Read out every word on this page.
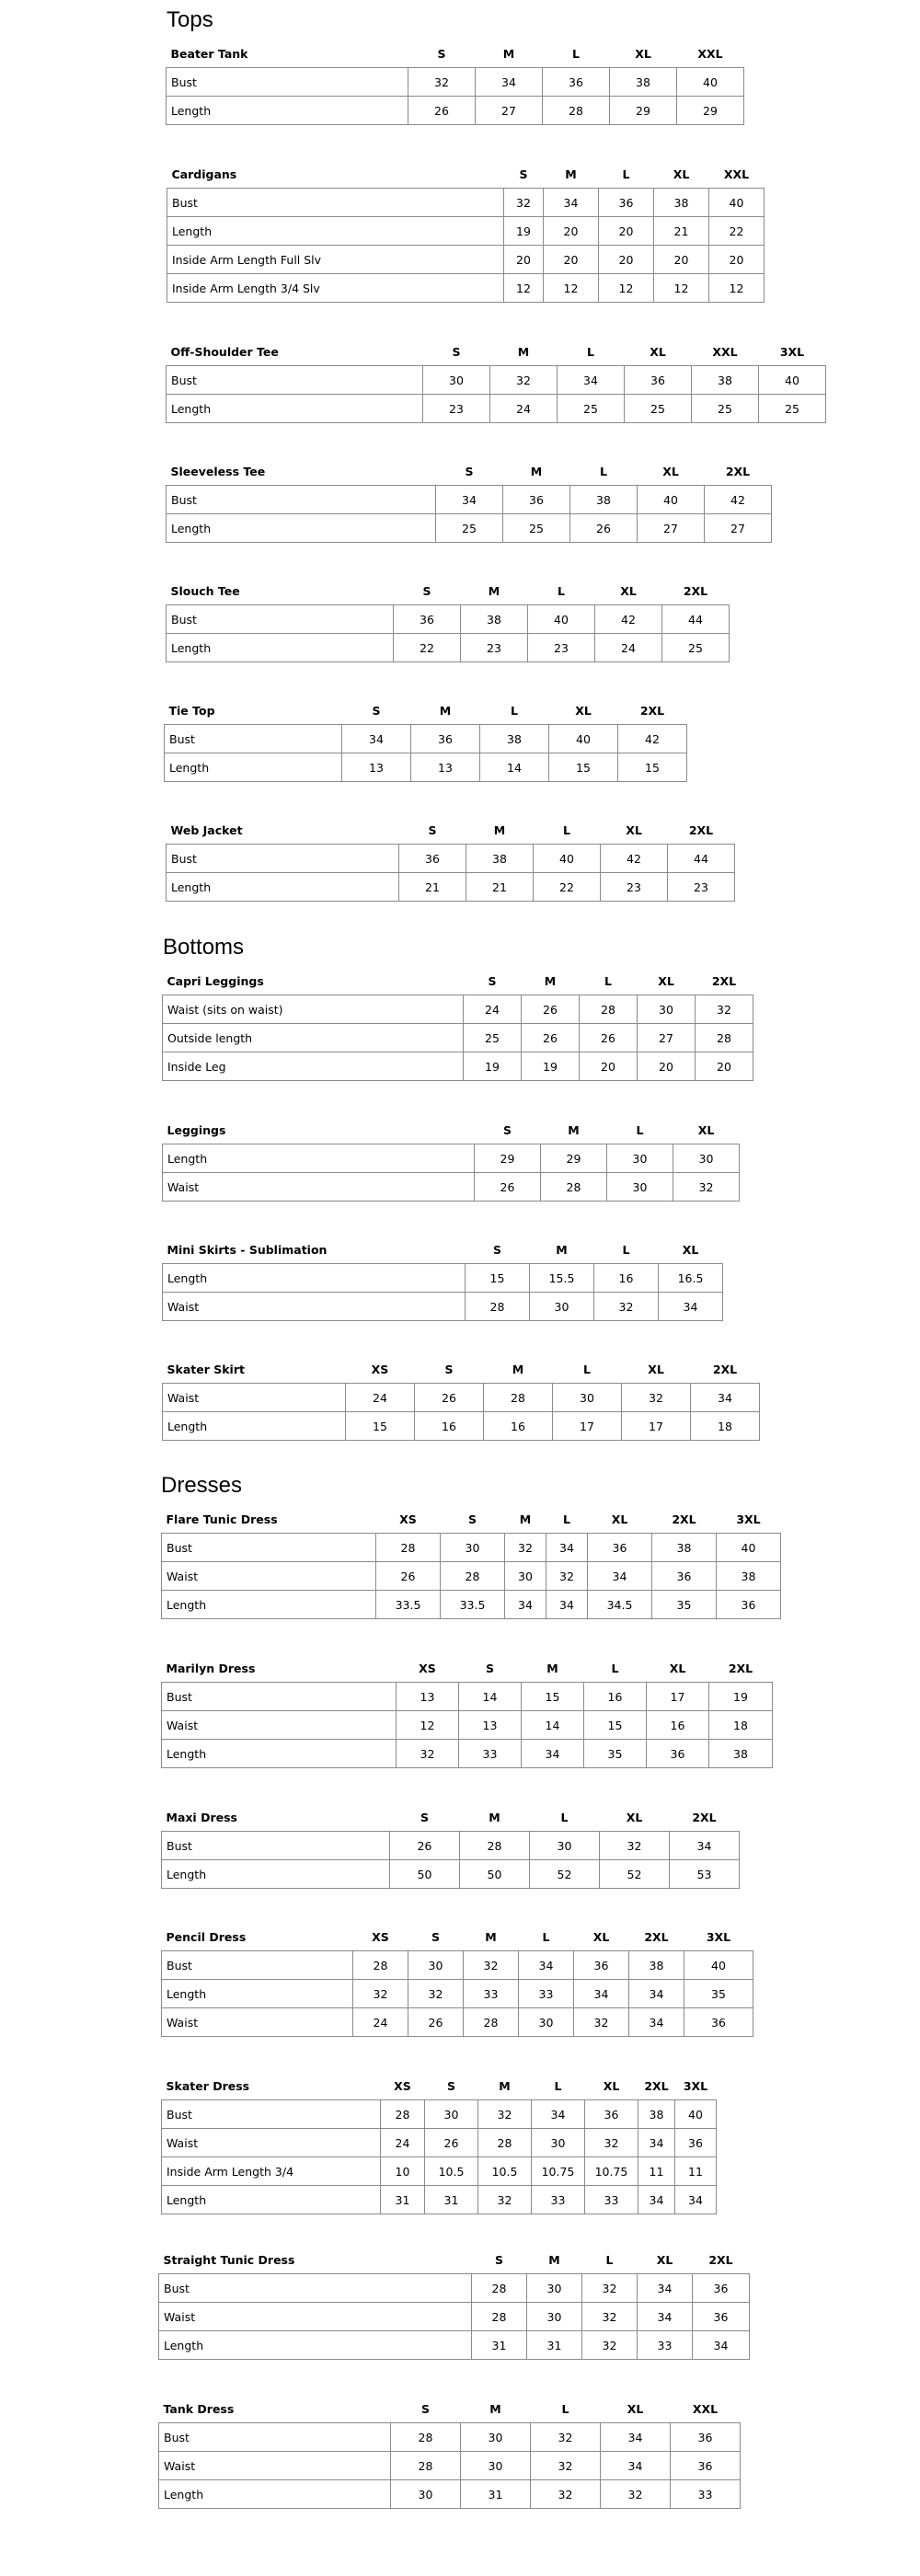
Tops
Beater Tank	S	M	L	XL	XXL
Bust	32	34	36	38	40
Length	26	27	28	29	29
Cardigans	S	M	L	XL	XXL
Bust	32	34	36	38	40
Length	19	20	20	21	22
Inside Arm Length Full Slv	20	20	20	20	20
Inside Arm Length 3/4 Slv	12	12	12	12	12
Off-Shoulder Tee	S	M	L	XL	XXL	3XL
Bust	30	32	34	36	38	40
Length	23	24	25	25	25	25
Sleeveless Tee	S	M	L	XL	2XL
Bust	34	36	38	40	42
Length	25	25	26	27	27
Slouch Tee	S	M	L	XL	2XL
Bust	36	38	40	42	44
Length	22	23	23	24	25
Tie Top	S	M	L	XL	2XL
Bust	34	36	38	40	42
Length	13	13	14	15	15
Web Jacket	S	M	L	XL	2XL
Bust	36	38	40	42	44
Length	21	21	22	23	23
Bottoms
Capri Leggings	S	M	L	XL	2XL
Waist (sits on waist)	24	26	28	30	32
Outside length	25	26	26	27	28
Inside Leg	19	19	20	20	20
Leggings	S	M	L	XL
Length	29	29	30	30
Waist	26	28	30	32
Mini Skirts - Sublimation	S	M	L	XL
Length	15	15.5	16	16.5
Waist	28	30	32	34
Skater Skirt	XS	S	M	L	XL	2XL
Waist	24	26	28	30	32	34
Length	15	16	16	17	17	18
Dresses
Flare Tunic Dress	XS	S	M	L	XL	2XL	3XL
Bust	28	30	32	34	36	38	40
Waist	26	28	30	32	34	36	38
Length	33.5	33.5	34	34	34.5	35	36
Marilyn Dress	XS	S	M	L	XL	2XL
Bust	13	14	15	16	17	19
Waist	12	13	14	15	16	18
Length	32	33	34	35	36	38
Maxi Dress	S	M	L	XL	2XL
Bust	26	28	30	32	34
Length	50	50	52	52	53
Pencil Dress	XS	S	M	L	XL	2XL	3XL
Bust	28	30	32	34	36	38	40
Length	32	32	33	33	34	34	35
Waist	24	26	28	30	32	34	36
Skater Dress	XS	S	M	L	XL	2XL	3XL
Bust	28	30	32	34	36	38	40
Waist	24	26	28	30	32	34	36
Inside Arm Length 3/4	10	10.5	10.5	10.75	10.75	11	11
Length	31	31	32	33	33	34	34
Straight Tunic Dress	S	M	L	XL	2XL
Bust	28	30	32	34	36
Waist	28	30	32	34	36
Length	31	31	32	33	34
Tank Dress	S	M	L	XL	XXL
Bust	28	30	32	34	36
Waist	28	30	32	34	36
Length	30	31	32	32	33
